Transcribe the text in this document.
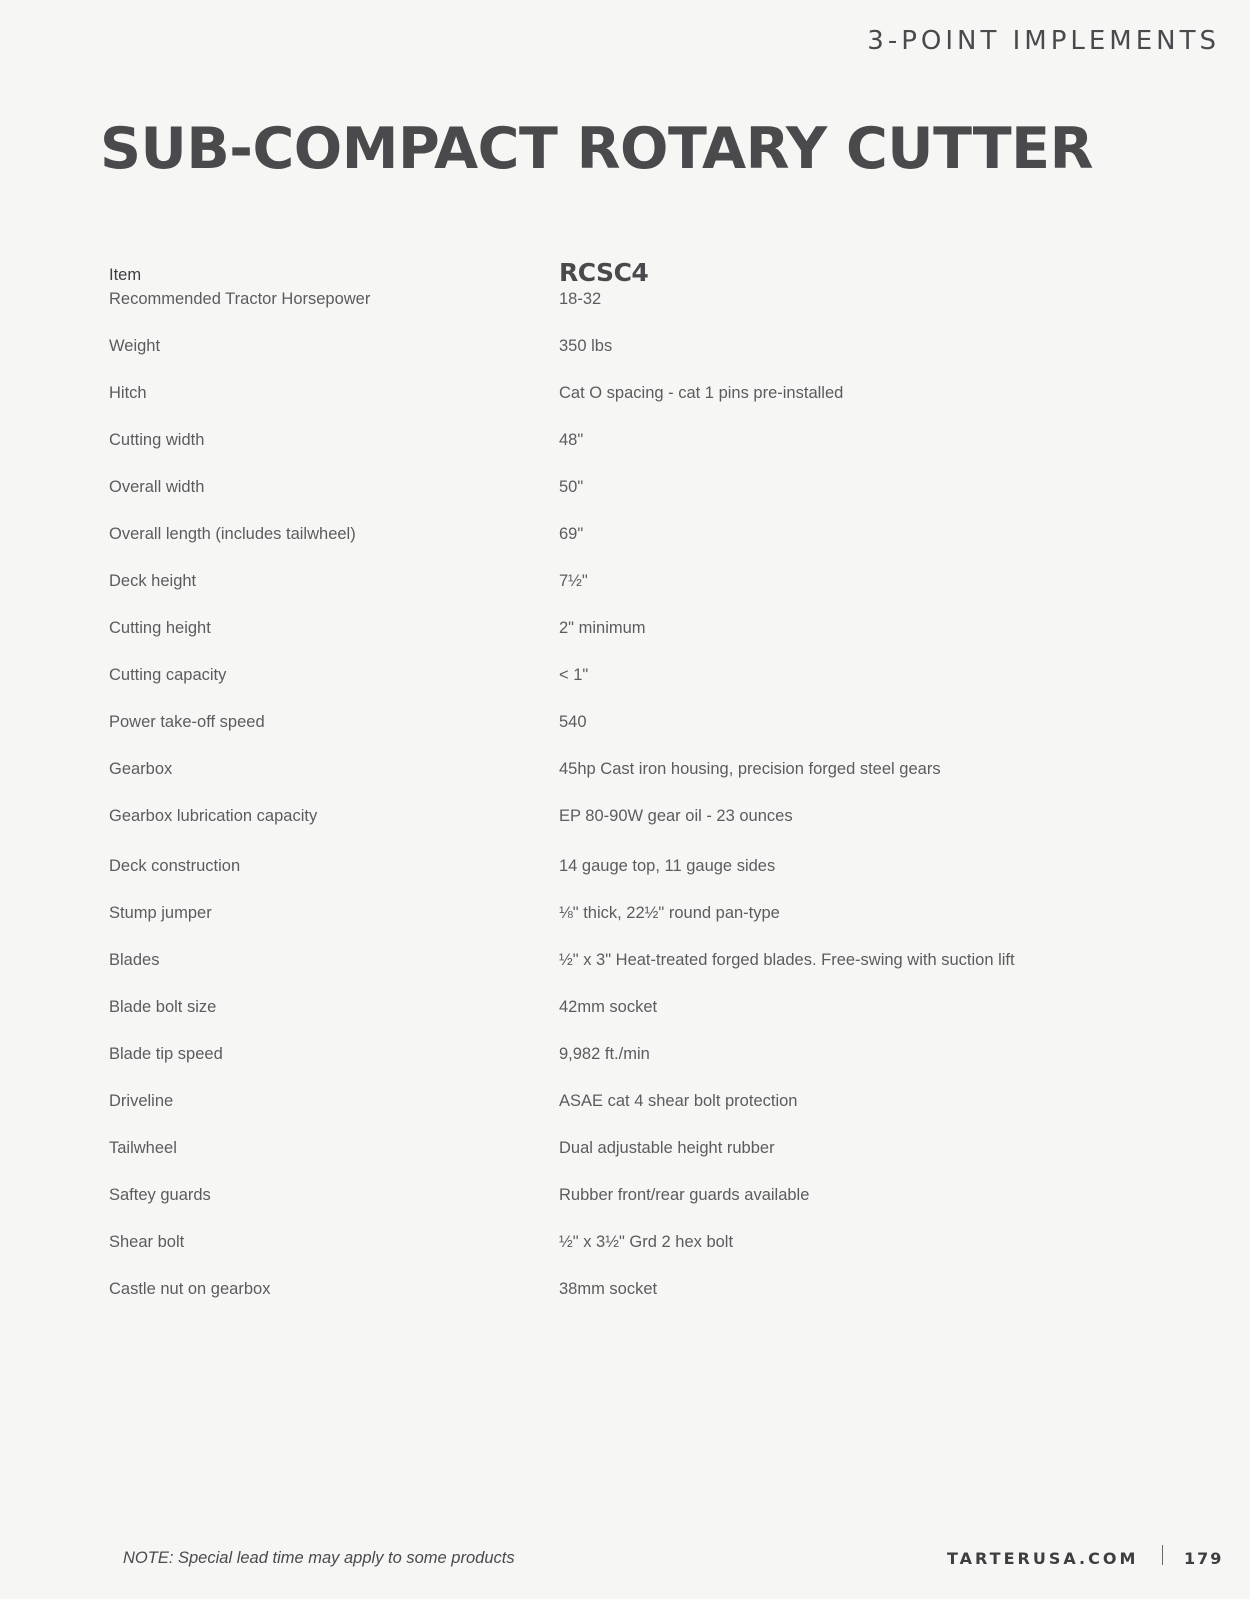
3-POINT IMPLEMENTS
SUB-COMPACT ROTARY CUTTER
Item	RCSC4
Recommended Tractor Horsepower	18-32
Weight	350 lbs
Hitch	Cat O spacing - cat 1 pins pre-installed
Cutting width	48"
Overall width	50"
Overall length (includes tailwheel)	69"
Deck height	7½"
Cutting height	2" minimum
Cutting capacity	< 1"
Power take-off speed	540
Gearbox	45hp Cast iron housing, precision forged steel gears
Gearbox lubrication capacity	EP 80-90W gear oil - 23 ounces
Deck construction	14 gauge top, 11 gauge sides
Stump jumper	⅛" thick, 22½" round pan-type
Blades	½" x 3" Heat-treated forged blades. Free-swing with suction lift
Blade bolt size	42mm socket
Blade tip speed	9,982 ft./min
Driveline	ASAE cat 4 shear bolt protection
Tailwheel	Dual adjustable height rubber
Saftey guards	Rubber front/rear guards available
Shear bolt	½" x 3½" Grd 2 hex bolt
Castle nut on gearbox	38mm socket
NOTE: Special lead time may apply to some products	TARTERUSA.COM	179
